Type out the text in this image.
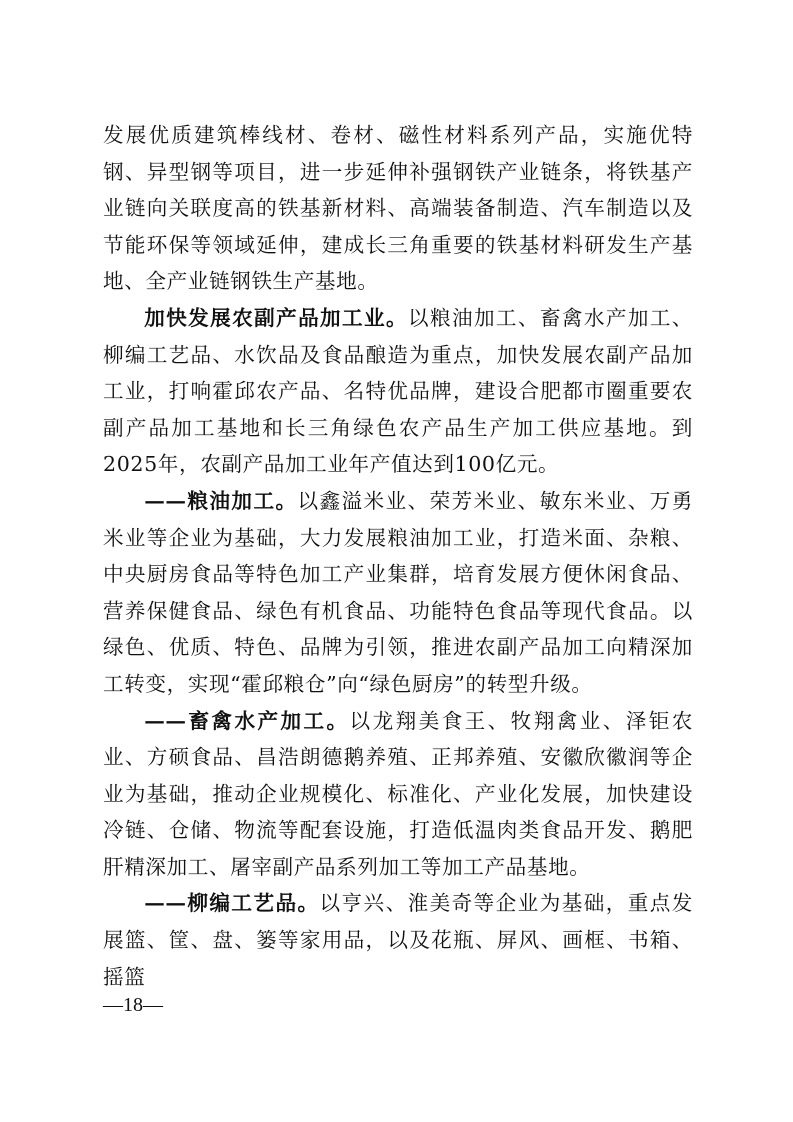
发展优质建筑棒线材、卷材、磁性材料系列产品，实施优特钢、异型钢等项目，进一步延伸补强钢铁产业链条，将铁基产业链向关联度高的铁基新材料、高端装备制造、汽车制造以及节能环保等领域延伸，建成长三角重要的铁基材料研发生产基地、全产业链钢铁生产基地。

加快发展农副产品加工业。以粮油加工、畜禽水产加工、柳编工艺品、水饮品及食品酿造为重点，加快发展农副产品加工业，打响霍邱农产品、名特优品牌，建设合肥都市圈重要农副产品加工基地和长三角绿色农产品生产加工供应基地。到2025年，农副产品加工业年产值达到100亿元。

——粮油加工。以鑫溢米业、荣芳米业、敏东米业、万勇米业等企业为基础，大力发展粮油加工业，打造米面、杂粮、中央厨房食品等特色加工产业集群，培育发展方便休闲食品、营养保健食品、绿色有机食品、功能特色食品等现代食品。以绿色、优质、特色、品牌为引领，推进农副产品加工向精深加工转变，实现“霍邱粮仓”向“绿色厨房”的转型升级。

——畜禽水产加工。以龙翔美食王、牧翔禽业、泽钜农业、方硕食品、昌浩朗德鹅养殖、正邦养殖、安徽欣徽润等企业为基础，推动企业规模化、标准化、产业化发展，加快建设冷链、仓储、物流等配套设施，打造低温肉类食品开发、鹅肥肝精深加工、屠宰副产品系列加工等加工产品基地。

——柳编工艺品。以亨兴、淮美奇等企业为基础，重点发展篮、筐、盘、篓等家用品，以及花瓶、屏风、画框、书箱、摇篮

—18—
